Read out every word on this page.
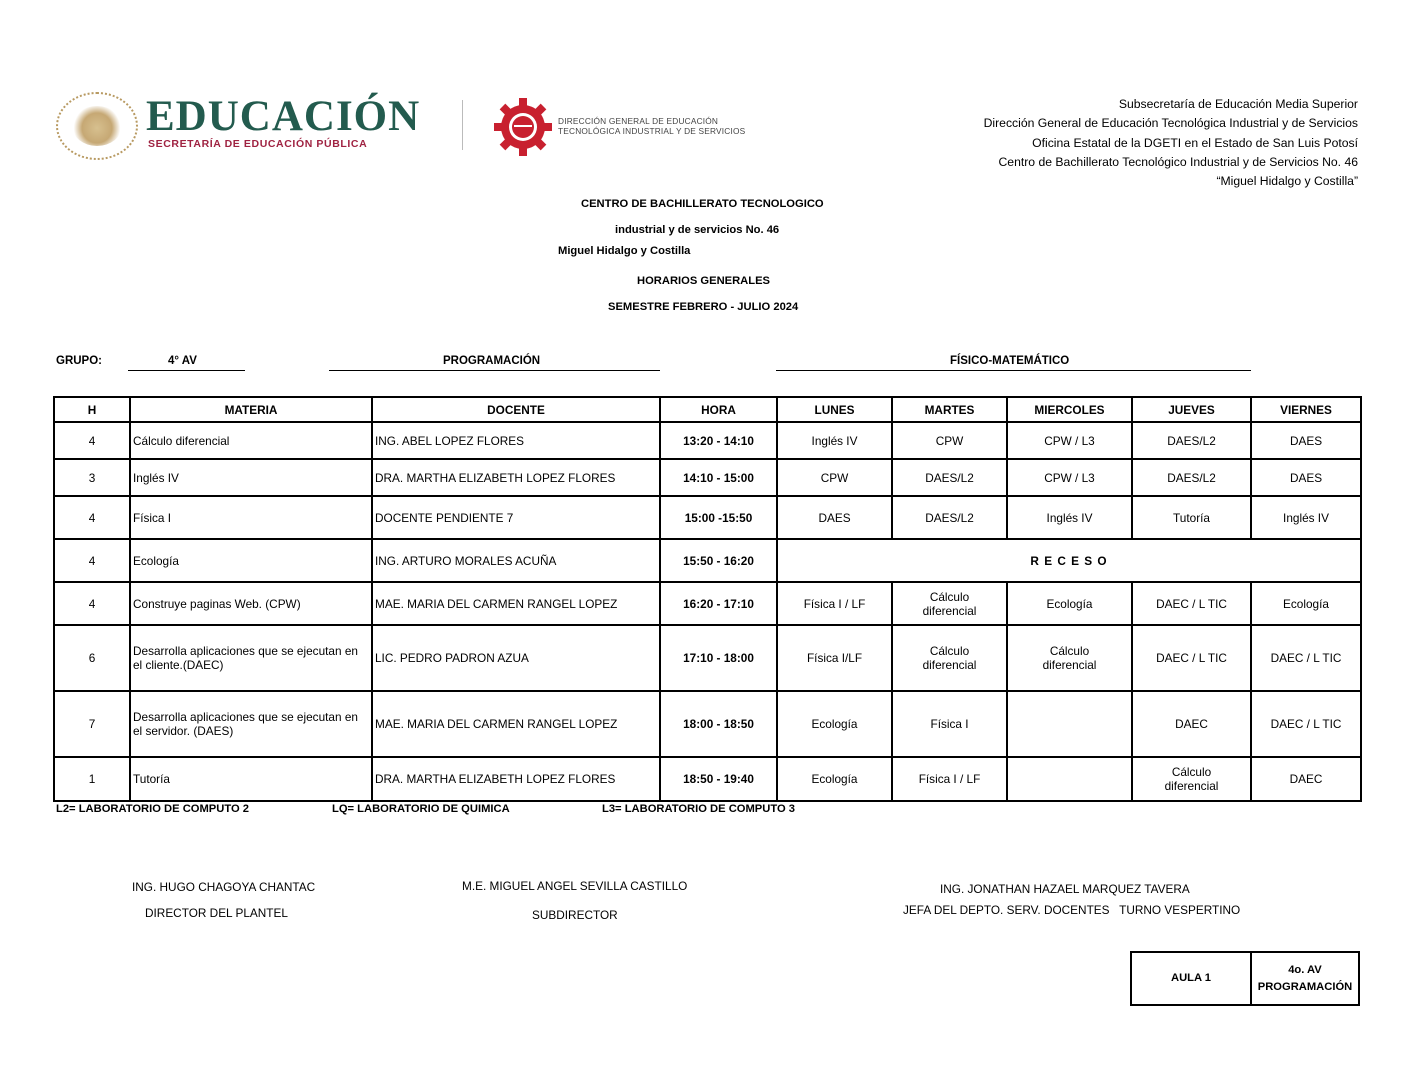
EDUCACIÓN
SECRETARÍA DE EDUCACIÓN PÚBLICA
DIRECCIÓN GENERAL DE EDUCACIÓN
TECNOLÓGICA INDUSTRIAL Y DE SERVICIOS
Subsecretaría de Educación Media Superior
Dirección General de Educación Tecnológica Industrial y de Servicios
Oficina Estatal de la DGETI en el Estado de San Luis Potosí
Centro de Bachillerato Tecnológico Industrial y de Servicios No. 46
“Miguel Hidalgo y Costilla”
CENTRO DE BACHILLERATO TECNOLOGICO
industrial y de servicios No. 46
Miguel Hidalgo y Costilla
HORARIOS GENERALES
SEMESTRE FEBRERO - JULIO 2024
GRUPO:	4° AV	PROGRAMACIÓN	FÍSICO-MATEMÁTICO
H	MATERIA	DOCENTE	HORA	LUNES	MARTES	MIERCOLES	JUEVES	VIERNES
4	Cálculo diferencial	ING. ABEL LOPEZ FLORES	13:20 - 14:10	Inglés IV	CPW	CPW / L3	DAES/L2	DAES
3	Inglés IV	DRA. MARTHA ELIZABETH LOPEZ FLORES	14:10 - 15:00	CPW	DAES/L2	CPW / L3	DAES/L2	DAES
4	Física I	DOCENTE PENDIENTE 7	15:00 -15:50	DAES	DAES/L2	Inglés IV	Tutoría	Inglés IV
4	Ecología	ING. ARTURO MORALES ACUÑA	15:50 - 16:20	R E C E S O				
4	Construye paginas Web. (CPW)	MAE. MARIA DEL CARMEN RANGEL LOPEZ	16:20 - 17:10	Física I / LF	Cálculo diferencial	Ecología	DAEC / L TIC	Ecología
6	Desarrolla aplicaciones que se ejecutan en el cliente.(DAEC)	LIC. PEDRO PADRON AZUA	17:10 - 18:00	Física I/LF	Cálculo diferencial	Cálculo diferencial	DAEC / L TIC	DAEC / L TIC
7	Desarrolla aplicaciones que se ejecutan en el servidor. (DAES)	MAE. MARIA DEL CARMEN RANGEL LOPEZ	18:00 - 18:50	Ecología	Física I		DAEC	DAEC / L TIC
1	Tutoría	DRA. MARTHA ELIZABETH LOPEZ FLORES	18:50 - 19:40	Ecología	Física I / LF		Cálculo diferencial	DAEC
L2= LABORATORIO DE COMPUTO 2	LQ= LABORATORIO DE QUIMICA	L3= LABORATORIO DE COMPUTO 3
ING. HUGO CHAGOYA CHANTAC
DIRECTOR DEL PLANTEL
M.E. MIGUEL ANGEL SEVILLA CASTILLO
SUBDIRECTOR
ING. JONATHAN HAZAEL MARQUEZ TAVERA
JEFA DEL DEPTO. SERV. DOCENTES   TURNO VESPERTINO
AULA 1	
4o. AV
PROGRAMACIÓN
